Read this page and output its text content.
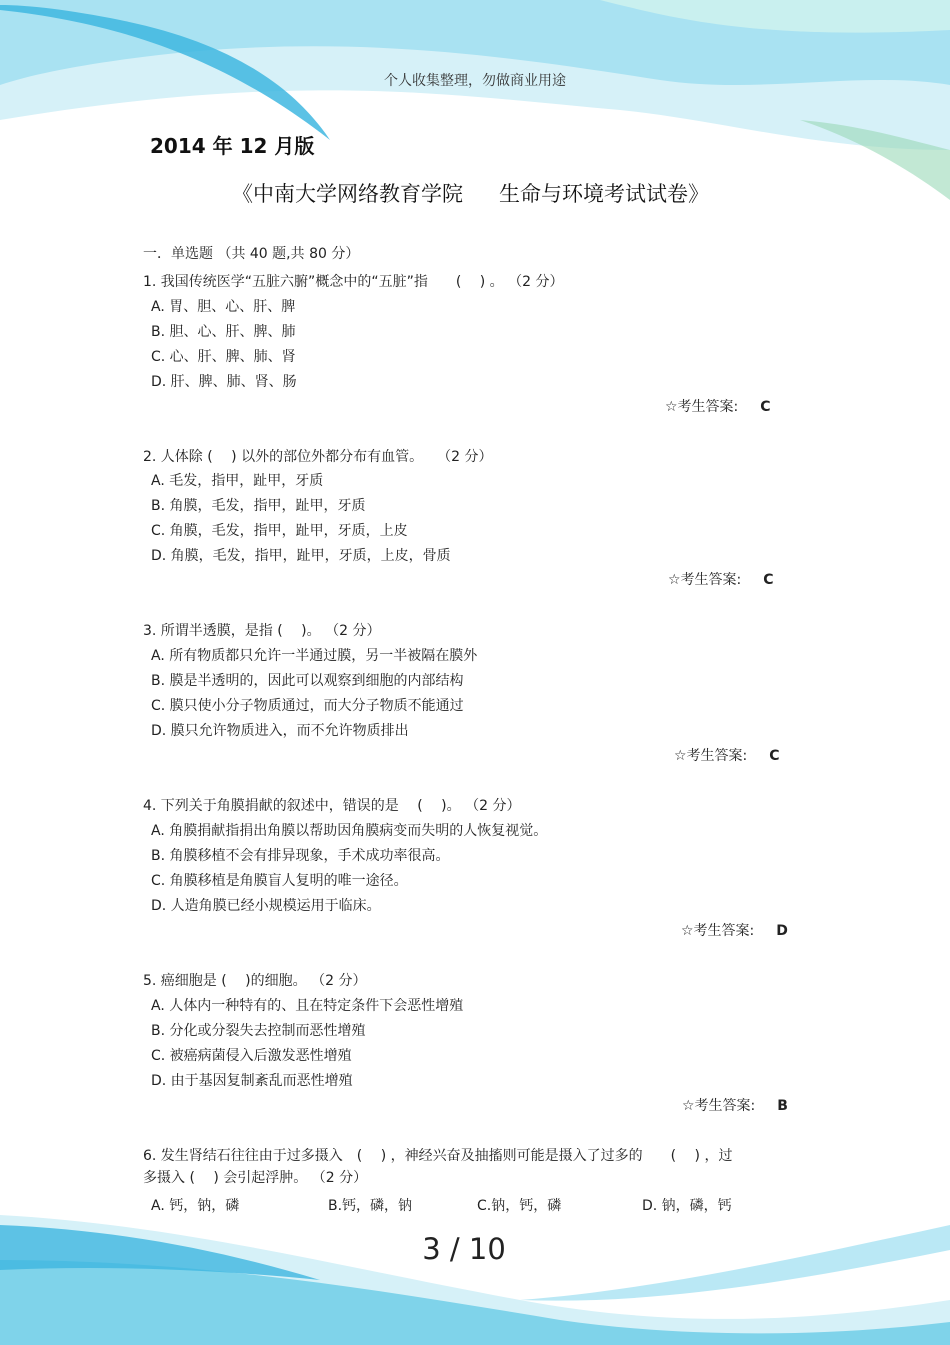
个人收集整理，勿做商业用途
2014 年 12 月版
《中南大学网络教育学院 生命与环境考试试卷》
一．单选题 （共 40 题,共 80 分）
1. 我国传统医学“五脏六腑”概念中的“五脏”指　　(　 ) 。 （2 分）
A. 胃、胆、心、肝、脾
B. 胆、心、肝、脾、肺
C. 心、肝、脾、肺、肾
D. 肝、脾、肺、肾、肠
☆考生答案: C
2. 人体除 (　 ) 以外的部位外都分布有血管。　　（2 分）
A. 毛发，指甲，趾甲，牙质
B. 角膜，毛发，指甲，趾甲，牙质
C. 角膜，毛发，指甲，趾甲，牙质，上皮
D. 角膜，毛发，指甲，趾甲，牙质，上皮，骨质
☆考生答案: C
3. 所谓半透膜，是指 (　 )。 （2 分）
A. 所有物质都只允许一半通过膜，另一半被隔在膜外
B. 膜是半透明的，因此可以观察到细胞的内部结构
C. 膜只使小分子物质通过，而大分子物质不能通过
D. 膜只允许物质进入，而不允许物质排出
☆考生答案: C
4. 下列关于角膜捐献的叙述中，错误的是　 (　 )。 （2 分）
A. 角膜捐献指捐出角膜以帮助因角膜病变而失明的人恢复视觉。
B. 角膜移植不会有排异现象，手术成功率很高。
C. 角膜移植是角膜盲人复明的唯一途径。
D. 人造角膜已经小规模运用于临床。
☆考生答案: D
5. 癌细胞是 (　 )的细胞。 （2 分）
A. 人体内一种特有的、且在特定条件下会恶性增殖
B. 分化或分裂失去控制而恶性增殖
C. 被癌病菌侵入后激发恶性增殖
D. 由于基因复制紊乱而恶性增殖
☆考生答案: B
6. 发生肾结石往往由于过多摄入　(　 ) ，神经兴奋及抽搐则可能是摄入了过多的　　(　 ) ，过
多摄入 (　 ) 会引起浮肿。 （2 分）
A. 钙，钠，磷	B.钙，磷，钠	C.钠，钙，磷	D. 钠，磷，钙
3 / 10
